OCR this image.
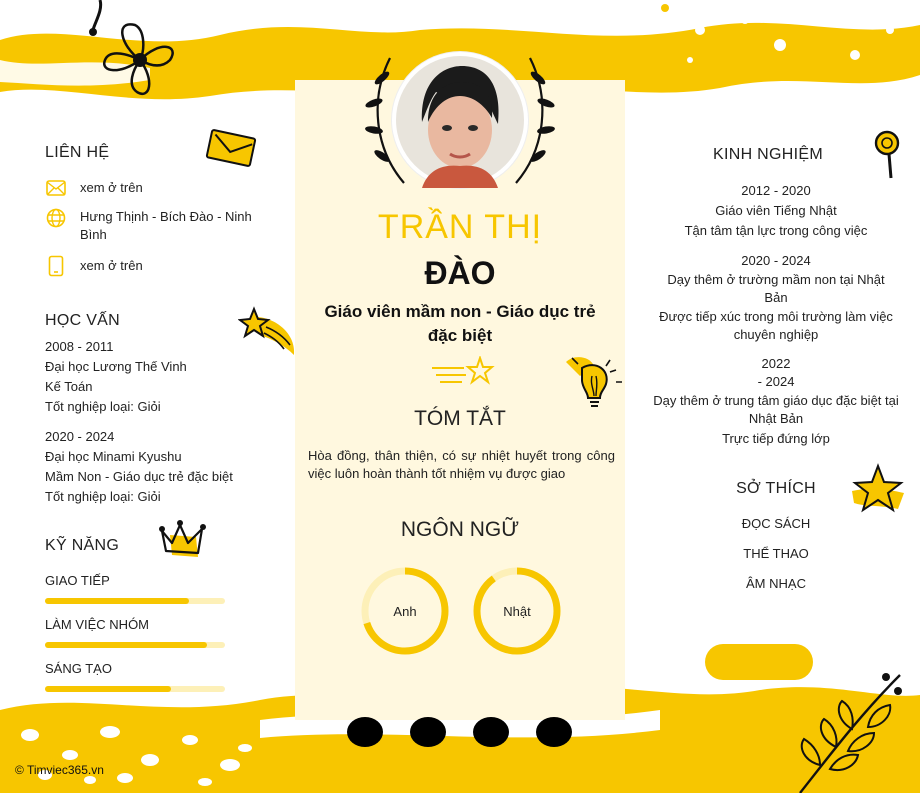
LIÊN HỆ
xem ở trên
Hưng Thịnh - Bích Đào - Ninh Bình
xem ở trên
HỌC VẤN
2008 - 2011
Đại học Lương Thế Vinh
Kế Toán
Tốt nghiệp loại: Giỏi
2020 - 2024
Đại học Minami Kyushu
Mầm Non - Giáo dục trẻ đặc biệt
Tốt nghiệp loại: Giỏi
KỸ NĂNG
GIAO TIẾP
LÀM VIỆC NHÓM
SÁNG TẠO
TRẦN THỊ
ĐÀO
Giáo viên mầm non - Giáo dục trẻ
đặc biệt
TÓM TẮT
Hòa đồng, thân thiện, có sự nhiệt huyết trong công việc luôn hoàn thành tốt nhiệm vụ được giao
NGÔN NGỮ
Anh	Nhật
KINH NGHIỆM
2012 - 2020
Giáo viên Tiếng Nhật
Tận tâm tận lực trong công việc
2020 - 2024
Dạy thêm ở trường mầm non tại Nhật Bản
Được tiếp xúc trong môi trường làm việc chuyên nghiệp
2022
- 2024
Dạy thêm ở trung tâm giáo dục đặc biệt tại Nhật Bản
Trực tiếp đứng lớp
SỞ THÍCH
ĐỌC SÁCH
THỂ THAO
ÂM NHẠC
© Timviec365.vn
